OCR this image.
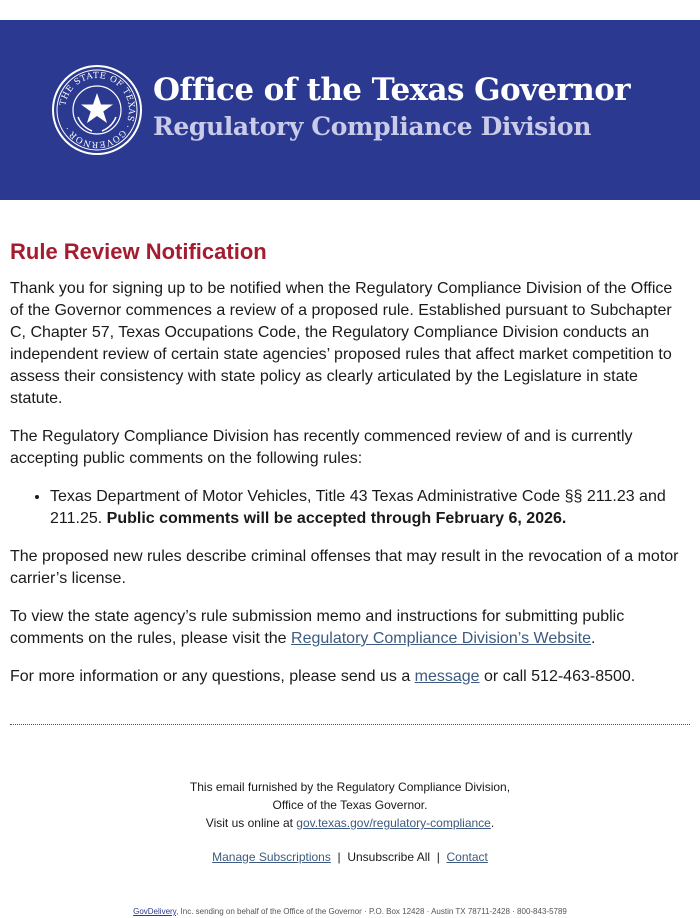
THE STATE OF TEXAS · GOVERNOR ·
Office of the Texas Governor
Regulatory Compliance Division
Rule Review Notification

Thank you for signing up to be notified when the Regulatory Compliance Division of the Office of the Governor commences a review of a proposed rule. Established pursuant to Subchapter C, Chapter 57, Texas Occupations Code, the Regulatory Compliance Division conducts an independent review of certain state agencies’ proposed rules that affect market competition to assess their consistency with state policy as clearly articulated by the Legislature in state statute.

The Regulatory Compliance Division has recently commenced review of and is currently accepting public comments on the following rules:

• Texas Department of Motor Vehicles, Title 43 Texas Administrative Code §§ 211.23 and 211.25. Public comments will be accepted through February 6, 2026.

The proposed new rules describe criminal offenses that may result in the revocation of a motor carrier’s license.

To view the state agency’s rule submission memo and instructions for submitting public comments on the rules, please visit the Regulatory Compliance Division’s Website.

For more information or any questions, please send us a message or call 512-463-8500.

This email furnished by the Regulatory Compliance Division,
Office of the Texas Governor.
Visit us online at gov.texas.gov/regulatory-compliance.
Manage Subscriptions | Unsubscribe All | Contact
GovDelivery, Inc. sending on behalf of the Office of the Governor · P.O. Box 12428 · Austin TX 78711-2428 · 800-843-5789
